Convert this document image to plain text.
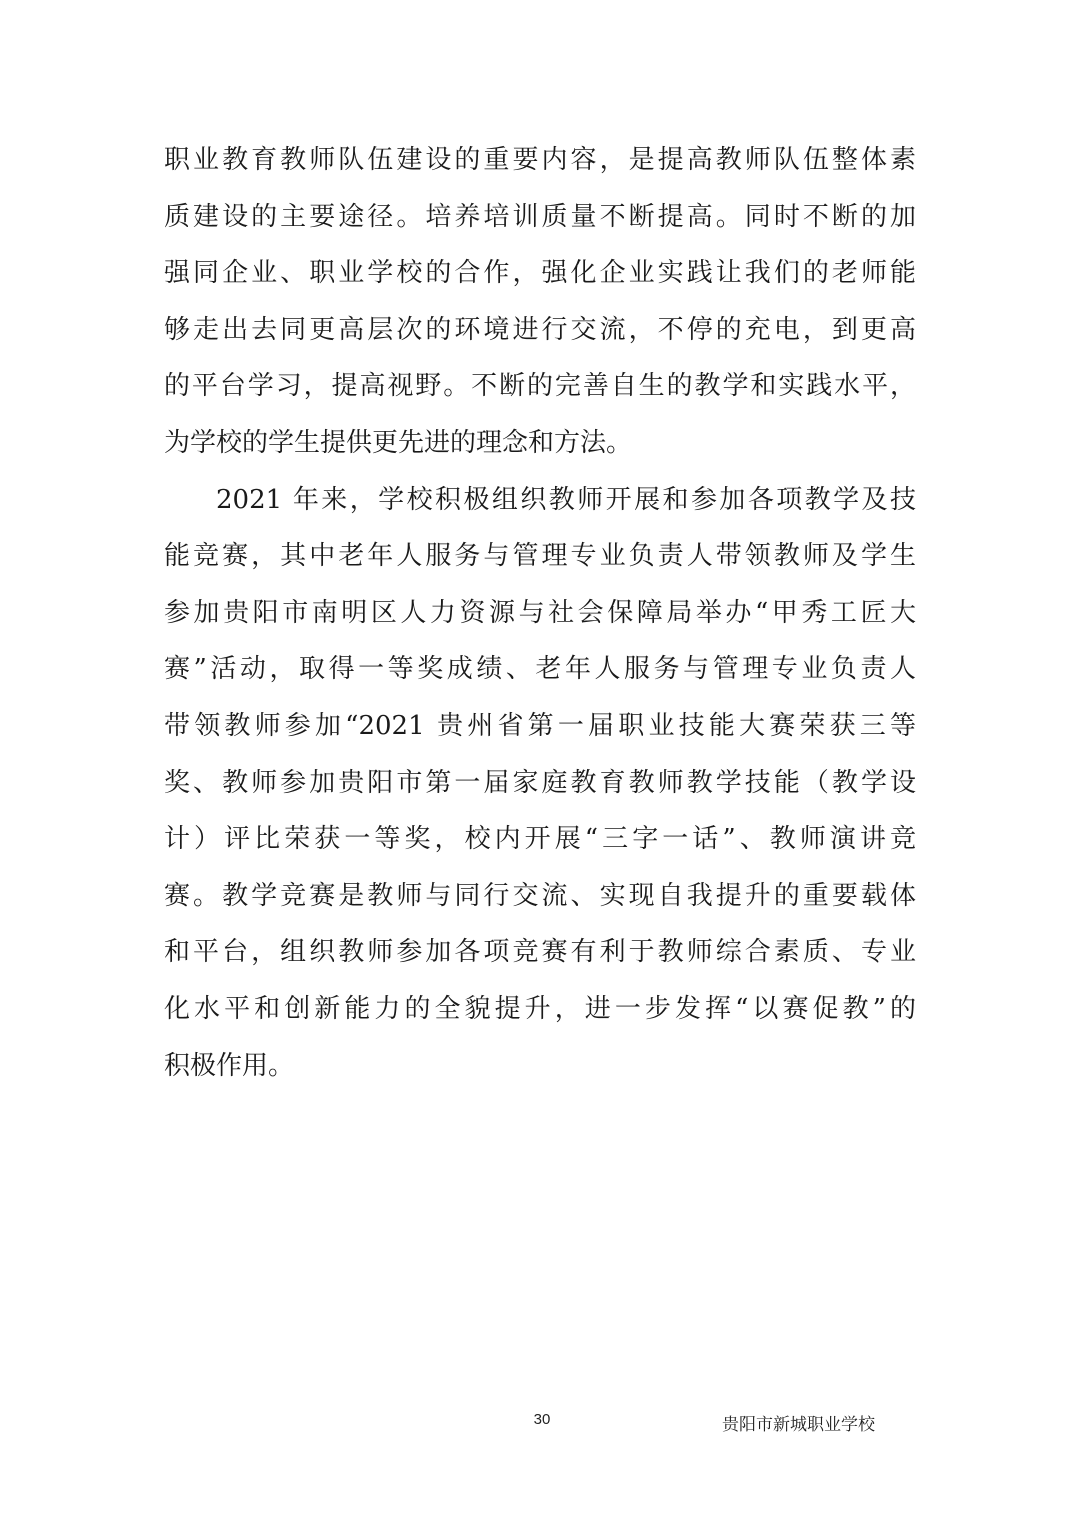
职业教育教师队伍建设的重要内容，是提高教师队伍整体素
质建设的主要途径。培养培训质量不断提高。同时不断的加
强同企业、职业学校的合作，强化企业实践让我们的老师能
够走出去同更高层次的环境进行交流，不停的充电，到更高
的平台学习，提高视野。不断的完善自生的教学和实践水平，
为学校的学生提供更先进的理念和方法。
2021 年来，学校积极组织教师开展和参加各项教学及技
能竞赛，其中老年人服务与管理专业负责人带领教师及学生
参加贵阳市南明区人力资源与社会保障局举办“甲秀工匠大
赛”活动，取得一等奖成绩、老年人服务与管理专业负责人
带领教师参加“2021 贵州省第一届职业技能大赛荣获三等
奖、教师参加贵阳市第一届家庭教育教师教学技能（教学设
计）评比荣获一等奖，校内开展“三字一话”、教师演讲竞
赛。教学竞赛是教师与同行交流、实现自我提升的重要载体
和平台，组织教师参加各项竞赛有利于教师综合素质、专业
化水平和创新能力的全貌提升，进一步发挥“以赛促教”的
积极作用。
30	贵阳市新城职业学校
